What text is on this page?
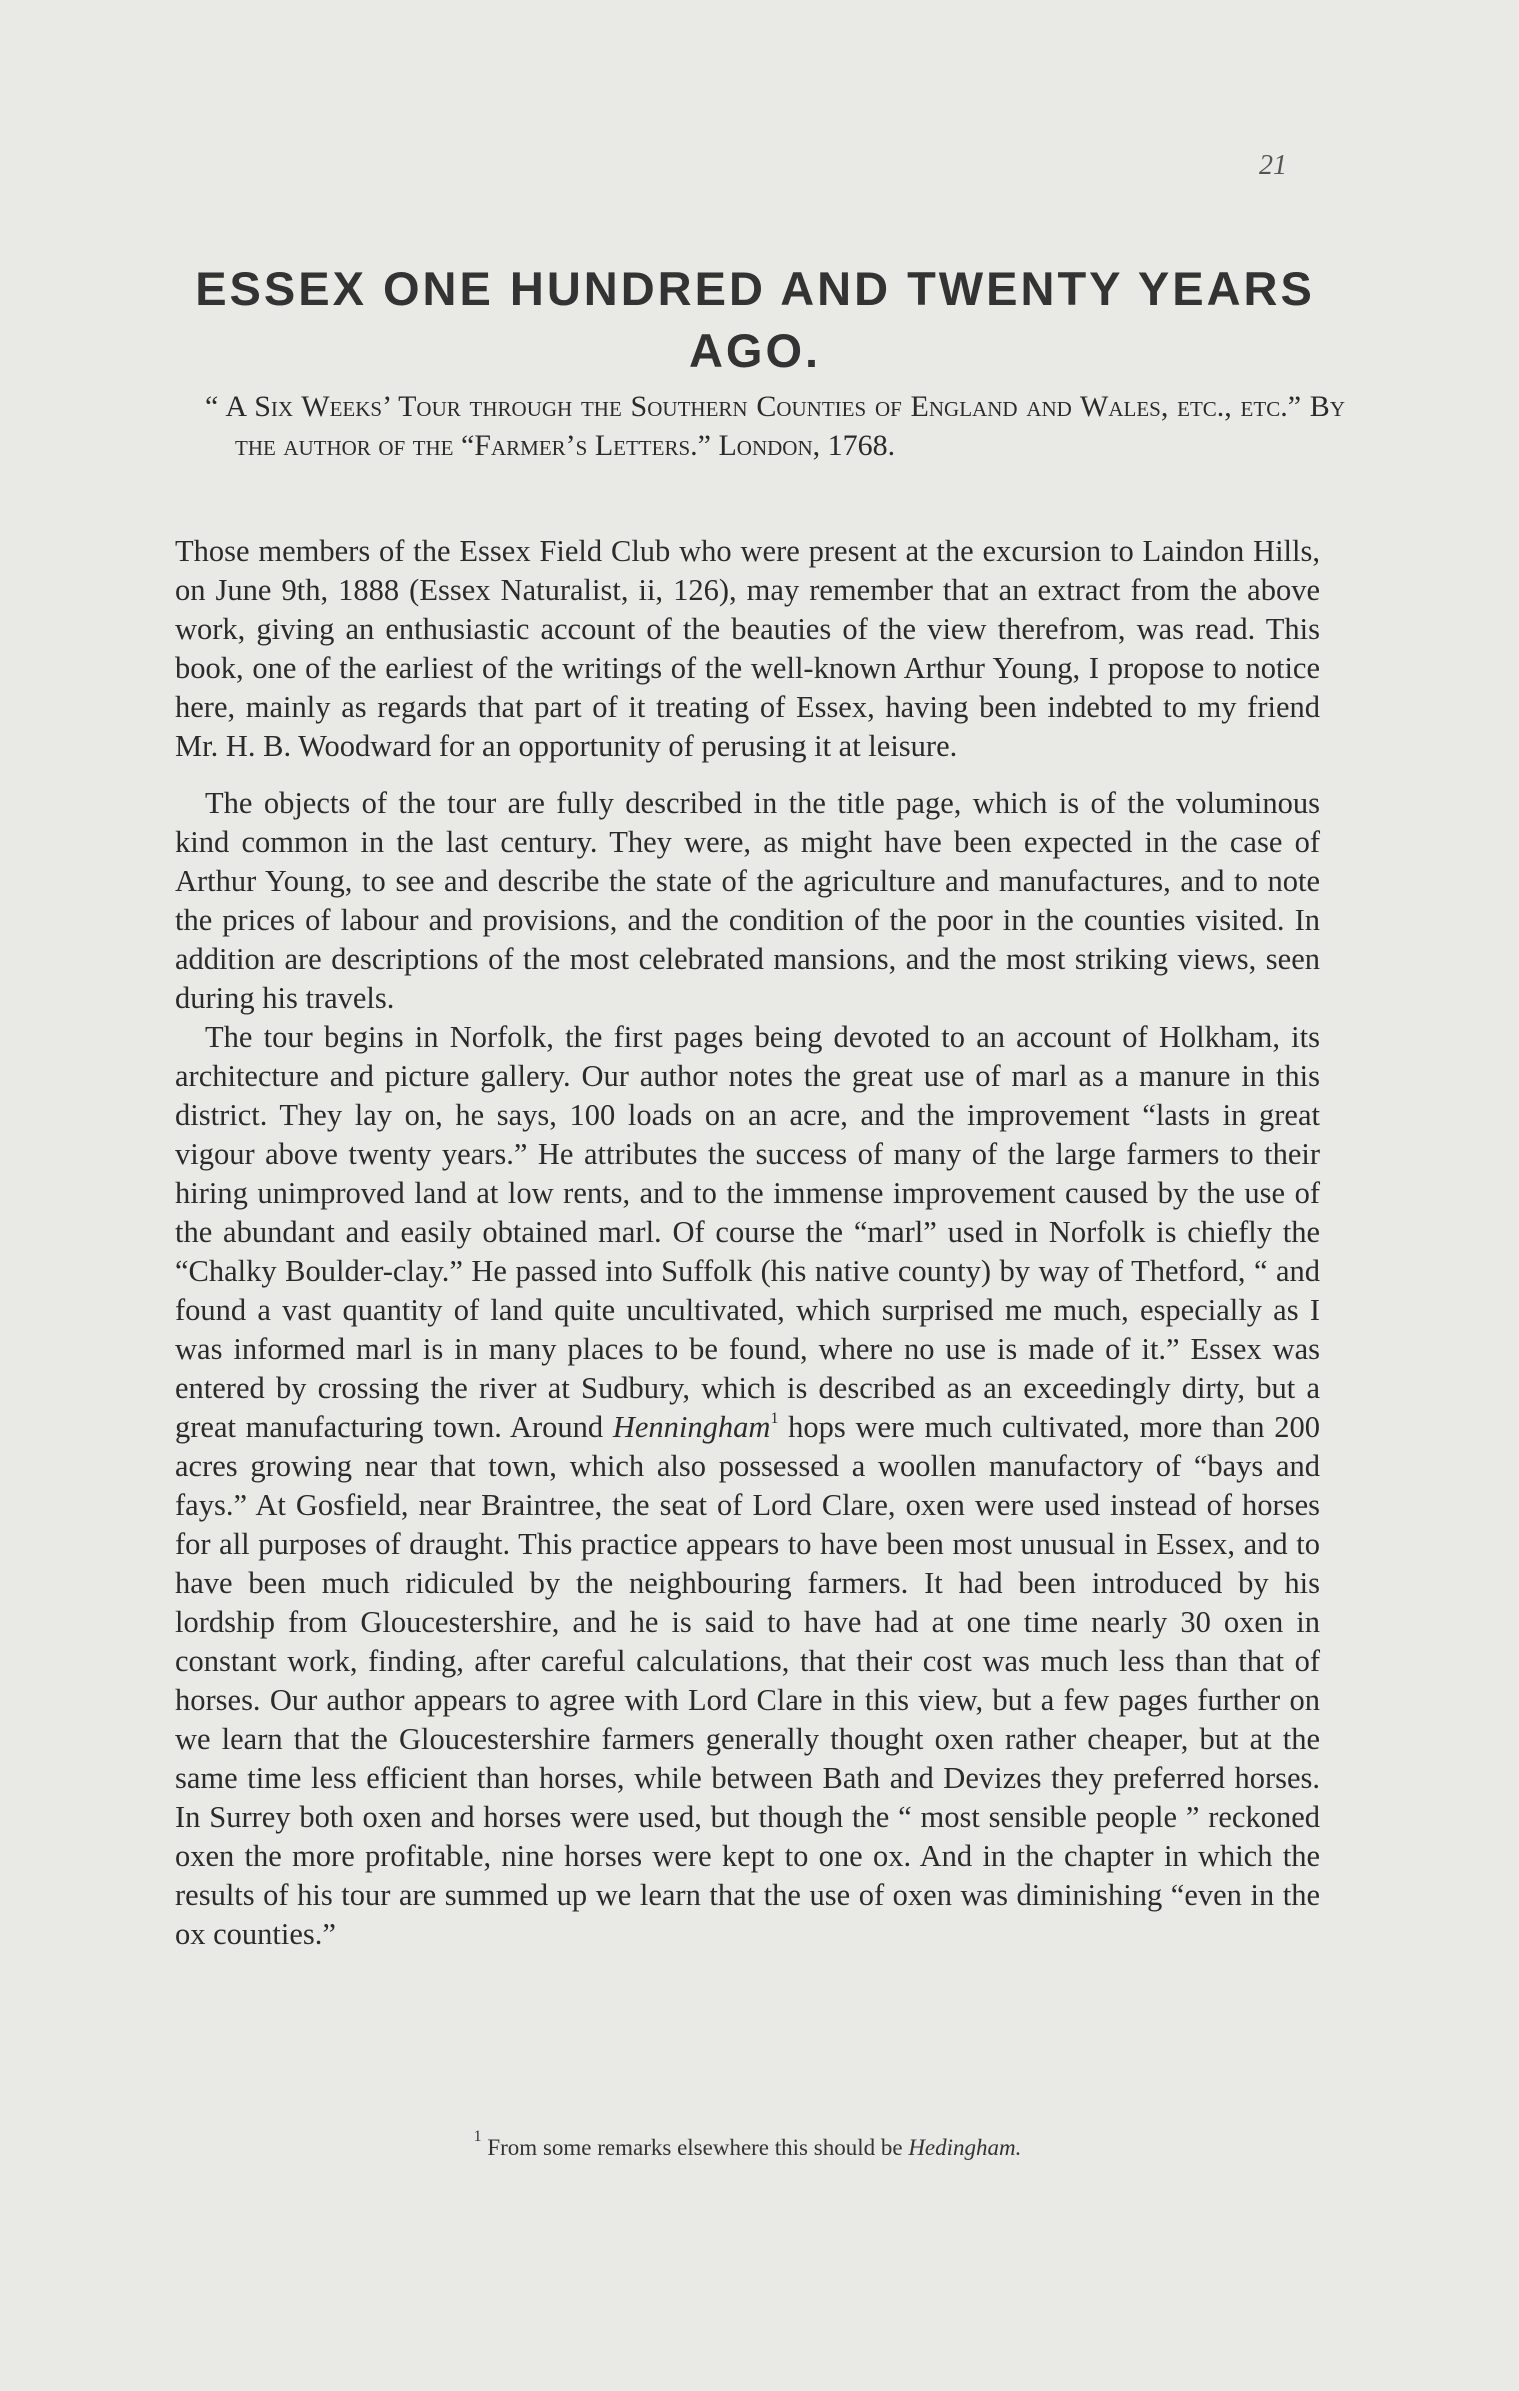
21
ESSEX ONE HUNDRED AND TWENTY YEARS AGO.
“ A Six Weeks’ Tour through the Southern Counties of England and Wales, etc., etc.” By the author of the “Farmer’s Letters.” London, 1768.

Those members of the Essex Field Club who were present at the excursion to Laindon Hills, on June 9th, 1888 (Essex Naturalist, ii, 126), may remember that an extract from the above work, giving an enthusiastic account of the beauties of the view therefrom, was read. This book, one of the earliest of the writings of the well-known Arthur Young, I propose to notice here, mainly as regards that part of it treating of Essex, having been indebted to my friend Mr. H. B. Woodward for an opportunity of perusing it at leisure.

The objects of the tour are fully described in the title page, which is of the voluminous kind common in the last century. They were, as might have been expected in the case of Arthur Young, to see and describe the state of the agriculture and manufactures, and to note the prices of labour and provisions, and the condition of the poor in the counties visited. In addition are descriptions of the most celebrated mansions, and the most striking views, seen during his travels.

The tour begins in Norfolk, the first pages being devoted to an account of Holkham, its architecture and picture gallery. Our author notes the great use of marl as a manure in this district. They lay on, he says, 100 loads on an acre, and the improvement “lasts in great vigour above twenty years.” He attributes the success of many of the large farmers to their hiring unimproved land at low rents, and to the immense improvement caused by the use of the abundant and easily obtained marl. Of course the “marl” used in Norfolk is chiefly the “Chalky Boulder-clay.” He passed into Suffolk (his native county) by way of Thetford, “ and found a vast quantity of land quite uncultivated, which surprised me much, especially as I was informed marl is in many places to be found, where no use is made of it.” Essex was entered by crossing the river at Sudbury, which is described as an exceedingly dirty, but a great manufacturing town. Around Henningham$^1$ hops were much cultivated, more than 200 acres growing near that town, which also possessed a woollen manufactory of “bays and fays.” At Gosfield, near Braintree, the seat of Lord Clare, oxen were used instead of horses for all purposes of draught. This practice appears to have been most unusual in Essex, and to have been much ridiculed by the neighbouring farmers. It had been introduced by his lordship from Gloucestershire, and he is said to have had at one time nearly 30 oxen in constant work, finding, after careful calculations, that their cost was much less than that of horses. Our author appears to agree with Lord Clare in this view, but a few pages further on we learn that the Gloucestershire farmers generally thought oxen rather cheaper, but at the same time less efficient than horses, while between Bath and Devizes they preferred horses. In Surrey both oxen and horses were used, but though the “ most sensible people ” reckoned oxen the more profitable, nine horses were kept to one ox. And in the chapter in which the results of his tour are summed up we learn that the use of oxen was diminishing “even in the ox counties.”

$^1$ From some remarks elsewhere this should be Hedingham.
